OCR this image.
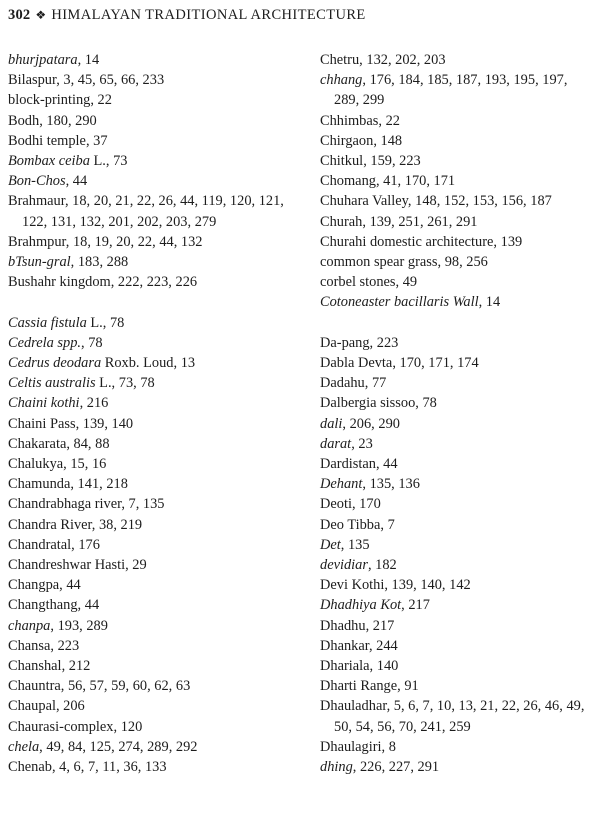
302 ❖ HIMALAYAN TRADITIONAL ARCHITECTURE
bhurjpatara, 14
Bilaspur, 3, 45, 65, 66, 233
block-printing, 22
Bodh, 180, 290
Bodhi temple, 37
Bombax ceiba L., 73
Bon-Chos, 44
Brahmaur, 18, 20, 21, 22, 26, 44, 119, 120, 121, 122, 131, 132, 201, 202, 203, 279
Brahmpur, 18, 19, 20, 22, 44, 132
bTsun-gral, 183, 288
Bushahr kingdom, 222, 223, 226
Cassia fistula L., 78
Cedrela spp., 78
Cedrus deodara Roxb. Loud, 13
Celtis australis L., 73, 78
Chaini kothi, 216
Chaini Pass, 139, 140
Chakarata, 84, 88
Chalukya, 15, 16
Chamunda, 141, 218
Chandrabhaga river, 7, 135
Chandra River, 38, 219
Chandratal, 176
Chandreshwar Hasti, 29
Changpa, 44
Changthang, 44
chanpa, 193, 289
Chansa, 223
Chanshal, 212
Chauntra, 56, 57, 59, 60, 62, 63
Chaupal, 206
Chaurasi-complex, 120
chela, 49, 84, 125, 274, 289, 292
Chenab, 4, 6, 7, 11, 36, 133
Chetru, 132, 202, 203
chhang, 176, 184, 185, 187, 193, 195, 197, 289, 299
Chhimbas, 22
Chirgaon, 148
Chitkul, 159, 223
Chomang, 41, 170, 171
Chuhara Valley, 148, 152, 153, 156, 187
Churah, 139, 251, 261, 291
Churahi domestic architecture, 139
common spear grass, 98, 256
corbel stones, 49
Cotoneaster bacillaris Wall, 14
Da-pang, 223
Dabla Devta, 170, 171, 174
Dadahu, 77
Dalbergia sissoo, 78
dali, 206, 290
darat, 23
Dardistan, 44
Dehant, 135, 136
Deoti, 170
Deo Tibba, 7
Det, 135
devidiar, 182
Devi Kothi, 139, 140, 142
Dhadhiya Kot, 217
Dhadhu, 217
Dhankar, 244
Dhariala, 140
Dharti Range, 91
Dhauladhar, 5, 6, 7, 10, 13, 21, 22, 26, 46, 49, 50, 54, 56, 70, 241, 259
Dhaulagiri, 8
dhing, 226, 227, 291
